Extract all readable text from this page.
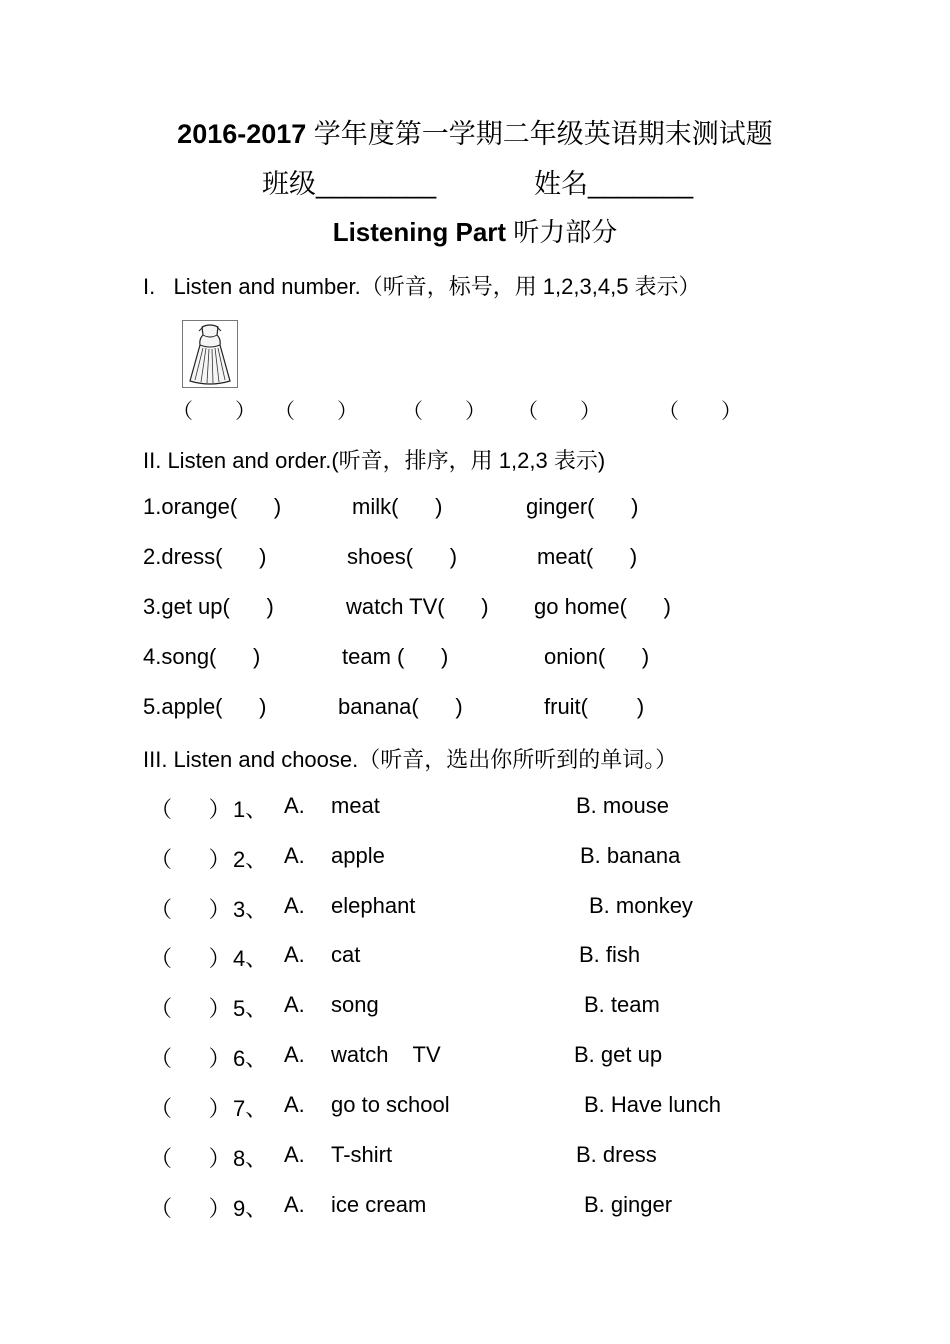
2016-2017 学年度第一学期二年级英语期末测试题
班级________	姓名_______
Listening Part 听力部分
I.   Listen and number.（听音，标号，用 1,2,3,4,5 表示）
（　　） （　　） （　　） （　　）	（　　）
II. Listen and order.(听音，排序，用 1,2,3 表示)
1.orange(      )	milk(      )	ginger(      )
2.dress(      )	shoes(      )	meat(      )
3.get up(      )	watch TV(      ) go home(      )
4.song(      )	team (      )	onion(      )
5.apple(      )	banana(      )	fruit(        )
III. Listen and choose.（听音，选出你所听到的单词。）
（      ） 1、 A. meat	B. mouse
（      ） 2、 A. apple	B. banana
（      ） 3、 A. elephant	B. monkey
（      ） 4、 A. cat	B. fish
（      ） 5、 A. song	B. team
（      ） 6、 A. watch    TV	B. get up
（      ） 7、 A. go to school	B. Have lunch
（      ） 8、 A. T-shirt	B. dress
（      ） 9、 A. ice cream	B. ginger
